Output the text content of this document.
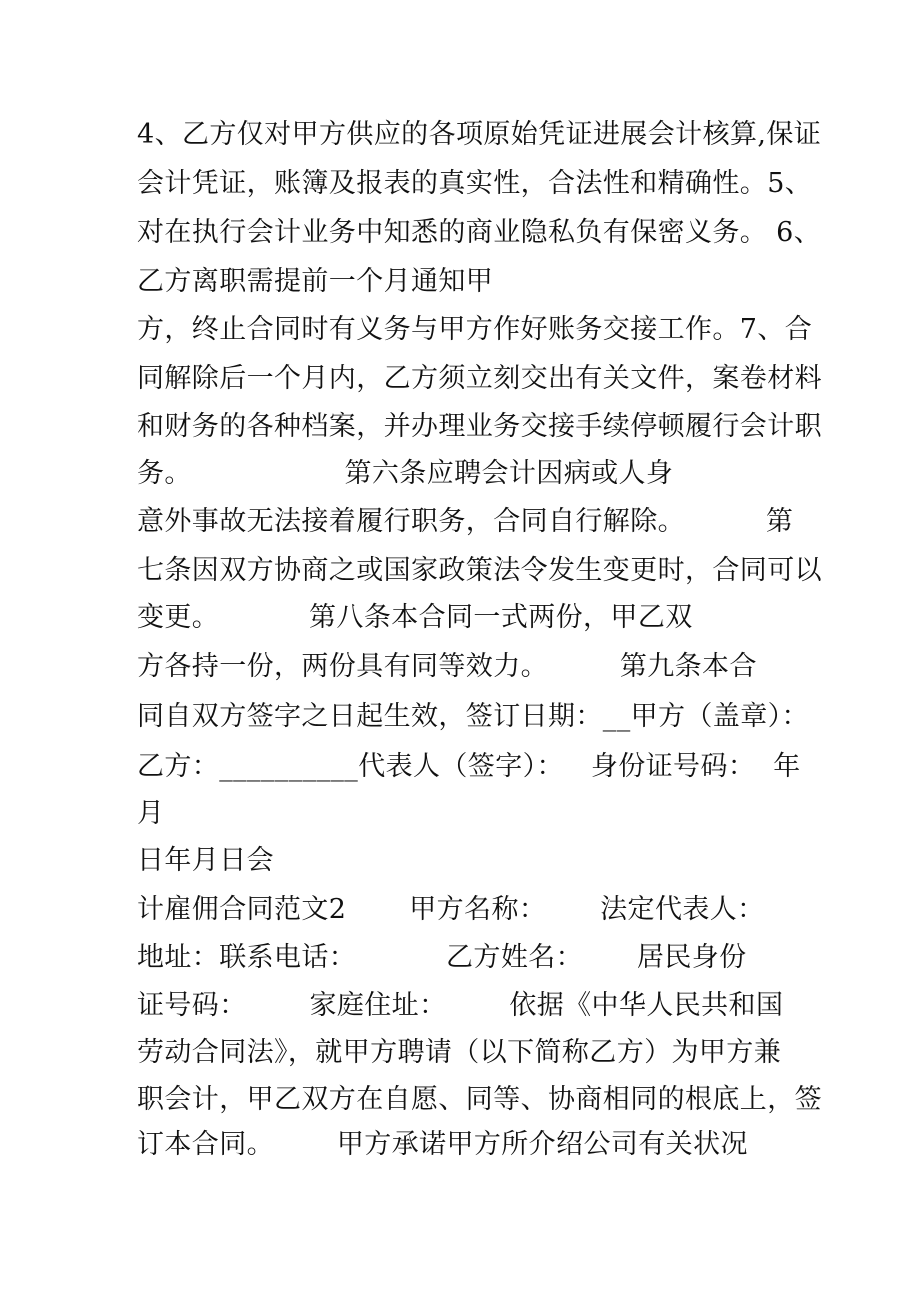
4、乙方仅对甲方供应的各项原始凭证进展会计核算,保证
会计凭证，账簿及报表的真实性，合法性和精确性。5、
对在执行会计业务中知悉的商业隐私负有保密义务。 6、
乙方离职需提前一个月通知甲
方，终止合同时有义务与甲方作好账务交接工作。7、合
同解除后一个月内，乙方须立刻交出有关文件，案卷材料
和财务的各种档案，并办理业务交接手续停顿履行会计职
务。                 第六条应聘会计因病或人身
意外事故无法接着履行职务，合同自行解除。         第
七条因双方协商之或国家政策法令发生变更时，合同可以
变更。          第八条本合同一式两份，甲乙双
方各持一份，两份具有同等效力。        第九条本合
同自双方签字之日起生效，签订日期：__甲方（盖章）：
乙方：__________代表人（签字）：   身份证号码：  年
月
日年月日会
计雇佣合同范文2       甲方名称：      法定代表人：
地址：联系电话：          乙方姓名：      居民身份
证号码：       家庭住址：       依据《中华人民共和国
劳动合同法》，就甲方聘请（以下简称乙方）为甲方兼
职会计，甲乙双方在自愿、同等、协商相同的根底上，签
订本合同。       甲方承诺甲方所介绍公司有关状况
